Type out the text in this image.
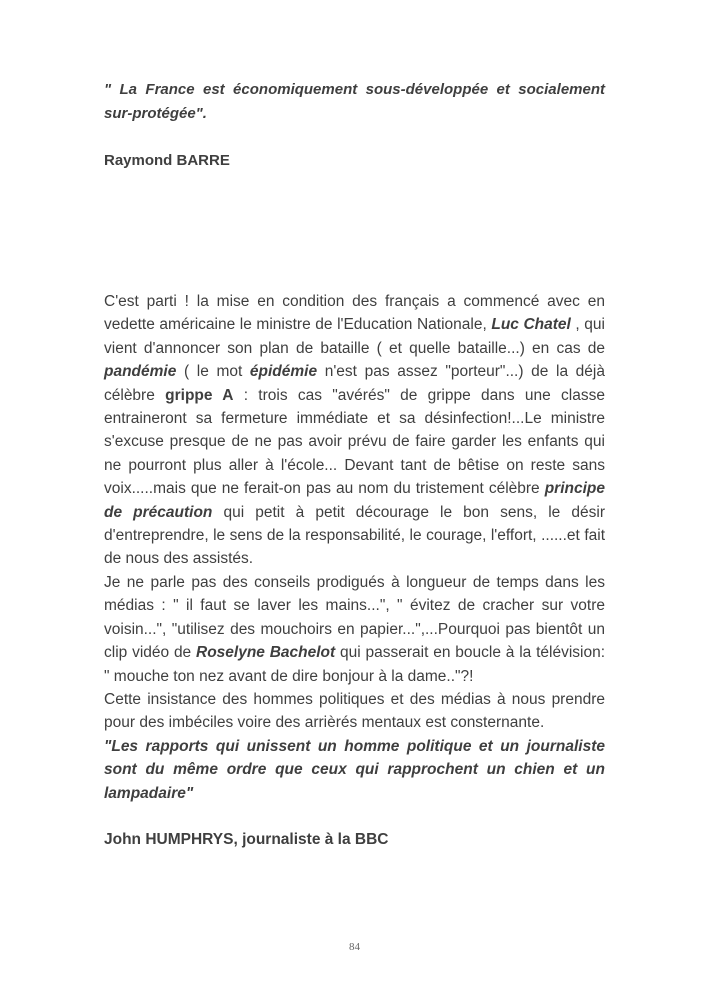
" La France est économiquement sous-développée et socialement sur-protégée".

Raymond BARRE

C'est parti ! la mise en condition des français a commencé avec en vedette américaine le ministre de l'Education Nationale, Luc Chatel , qui vient d'annoncer son plan de bataille ( et quelle bataille...) en cas de pandémie ( le mot épidémie n'est pas assez "porteur"...) de la déjà célèbre grippe A : trois cas "avérés" de grippe dans une classe entraineront sa fermeture immédiate et sa désinfection!...Le ministre s'excuse presque de ne pas avoir prévu de faire garder les enfants qui ne pourront plus aller à l'école... Devant tant de bêtise on reste sans voix.....mais que ne ferait-on pas au nom du tristement célèbre principe de précaution qui petit à petit décourage le bon sens, le désir d'entreprendre, le sens de la responsabilité, le courage, l'effort, ......et fait de nous des assistés.

Je ne parle pas des conseils prodigués à longueur de temps dans les médias : " il faut se laver les mains...", " évitez de cracher sur votre voisin...", "utilisez des mouchoirs en papier...",...Pourquoi pas bientôt un clip vidéo de Roselyne Bachelot qui passerait en boucle à la télévision: " mouche ton nez avant de dire bonjour à la dame.."?!

Cette insistance des hommes politiques et des médias à nous prendre pour des imbéciles voire des arrièrés mentaux est consternante.

"Les rapports qui unissent un homme politique et un journaliste sont du même ordre que ceux qui rapprochent un chien et un lampadaire"

John HUMPHRYS, journaliste à la BBC

84
